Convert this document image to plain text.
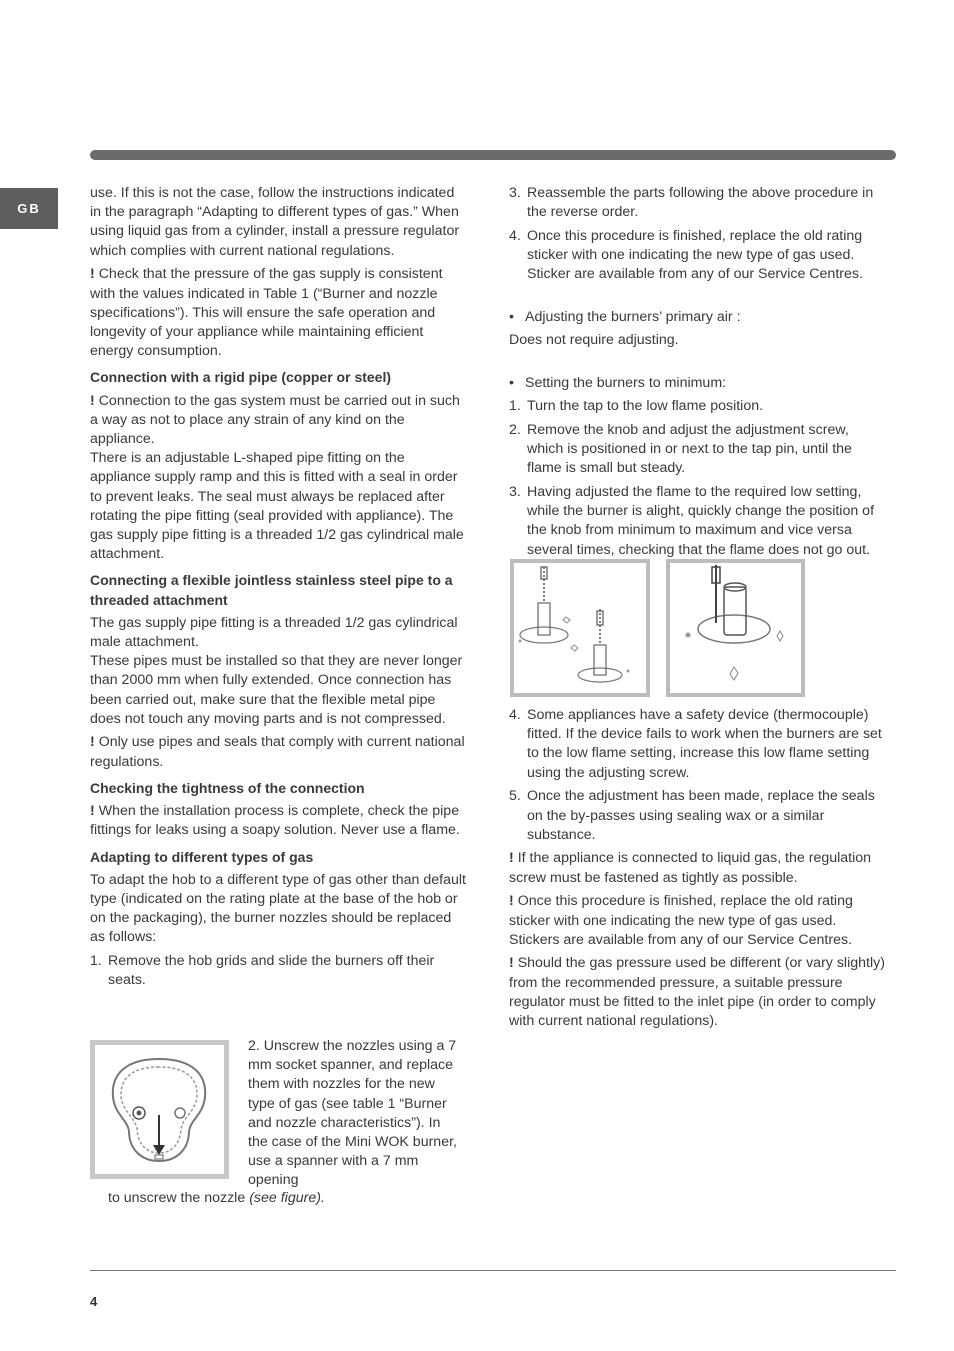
GB

use. If this is not the case, follow the instructions indicated in the paragraph “Adapting to different types of gas.” When using liquid gas from a cylinder, install a pressure regulator which complies with current national regulations.

! Check that the pressure of the gas supply is consistent with the values indicated in Table 1 (“Burner and nozzle specifications”). This will ensure the safe operation and longevity of your appliance while maintaining efficient energy consumption.

Connection with a rigid pipe (copper or steel)

! Connection to the gas system must be carried out in such a way as not to place any strain of any kind on the appliance.

There is an adjustable L-shaped pipe fitting on the appliance supply ramp and this is fitted with a seal in order to prevent leaks. The seal must always be replaced after rotating the pipe fitting (seal provided with appliance). The gas supply pipe fitting is a threaded 1/2 gas cylindrical male attachment.

Connecting a flexible jointless stainless steel pipe to a threaded attachment

The gas supply pipe fitting is a threaded 1/2 gas cylindrical male attachment.

These pipes must be installed so that they are never longer than 2000 mm when fully extended. Once connection has been carried out, make sure that the flexible metal pipe does not touch any moving parts and is not compressed.

! Only use pipes and seals that comply with current national regulations.

Checking the tightness of the connection

! When the installation process is complete, check the pipe fittings for leaks using a soapy solution. Never use a flame.

Adapting to different types of gas

To adapt the hob to a different type of gas other than default type (indicated on the rating plate at the base of the hob or on the packaging), the burner nozzles should be replaced as follows:

1. Remove the hob grids and slide the burners off their seats.
2. Unscrew the nozzles using a 7 mm socket spanner, and replace them with nozzles for the new type of gas (see table 1 “Burner and nozzle characteristics”). In the case of the Mini WOK burner, use a spanner with a 7 mm opening
to unscrew the nozzle (see figure).
3. Reassemble the parts following the above procedure in the reverse order.
4. Once this procedure is finished, replace the old rating sticker with one indicating the new type of gas used. Sticker are available from any of our Service Centres.
• Adjusting the burners’ primary air :

Does not require adjusting.

• Setting the burners to minimum:
1. Turn the tap to the low flame position.
2. Remove the knob and adjust the adjustment screw, which is positioned in or next to the tap pin, until the flame is small but steady.
3. Having adjusted the flame to the required low setting, while the burner is alight, quickly change the position of the knob from minimum to maximum and vice versa several times, checking that the flame does not go out.
4. Some appliances have a safety device (thermocouple) fitted. If the device fails to work when the burners are set to the low flame setting, increase this low flame setting using the adjusting screw.
5. Once the adjustment has been made, replace the seals on the by-passes using sealing wax or a similar substance.

! If the appliance is connected to liquid gas, the regulation screw must be fastened as tightly as possible.

! Once this procedure is finished, replace the old rating sticker with one indicating the new type of gas used. Stickers are available from any of our Service Centres.

! Should the gas pressure used be different (or vary slightly) from the recommended pressure, a suitable pressure regulator must be fitted to the inlet pipe (in order to comply with current national regulations).

4
